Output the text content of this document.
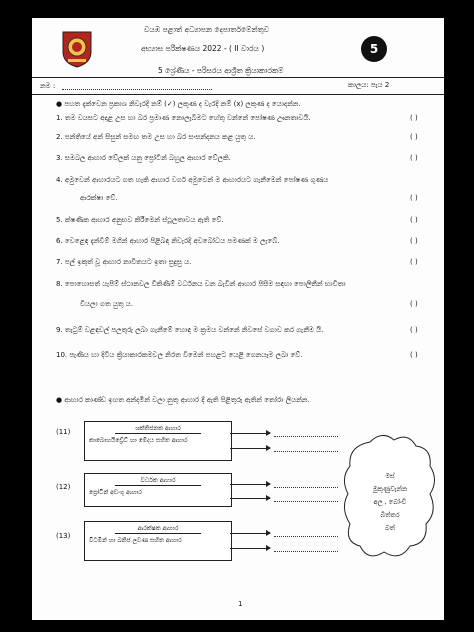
වයඹ පළාත් අධ්‍යාපන දෙපාර්තමේන්තුව
අභ්‍යාස පරීක්ෂණය 2022 - ( II වාරය )	5
5 ශ්‍රේණිය - පරිසරය ආශ්‍රිත ක්‍රියාකාරකම්
නම :	කාලය: පැය 2
● පහත දැක්වෙන ප්‍රකාශ නිවැරදි නම් (✓) ලකුණ ද වැරදි නම් (x) ලකුණ ද යොදන්න.
1. තම වයසට අදාළ උස හා බර ප්‍රමාණ නොලැබීමට හේතු වන්නේ පෝෂණ ඌනතාවයි.	( )
2. පන්තියේ අන් සිසුන් සමඟ තම උස හා බර සංසන්දනය කළ යුතු ය.	( )
3. සමබල ආහාර වේලක් යනු ප්‍රෝටීන් බහුල ආහාර වේලකි.	( )
4. අමුවෙන් ආහාරයට ගත හැකි ආහාර වර්ග අමුවෙන් ම ආහාරයට ගැනීමෙන් පෝෂණ ගුණය
ආරක්ෂා වේ.	( )
5. ක්ෂණික ආහාර අනුභව කිරීමෙන් ස්ථූලතාවය ඇති වේ.	( )
6. වෙළෙඳ දැන්වීම් මගින් ආහාර පිළිබඳ නිවැරදි අවබෝධය පමණක් ම ලැබේ.	( )
7. පල් ඉකුත් වූ ආහාර නාවිතයට ඉතා සුදුසු ය.	( )
8. පොහොසත් යැපීම් ස්ථානවල විකිණීම් වර්ධනය වන බැවින් ආහාර පිසීම සඳහා පොලිතීන් භාවිතා
වියලා ගත යුතු ය.	( )
9. තැටුම් වළඳවල් පලතුරු ලබා ගැනීමේ හොඳ ම ක්‍රමය වන්නේ නිවසේ වගාව කර ගැනීම යි.	( )
10. පැණිය හා දිවිය ක්‍රියාකාරකමවල නිරත වීමෙන් පහළට යෙළි ගෙනයෑම ලබා වේ.	( )
● ආහාර කාණ්ඩ ඉහත අන්දමින් වලා නුතු ආහාර දී ඇති පිළිතුරු ඇතින් තෝරා ලියන්න.
(11)	ශක්තිජනක ආහාර
කාබොහයිඩ්‍රේට් හා මේදය සහිත ආහාර
(12)
වර්ධක ආහාර
ප්‍රෝටීන් අඩංගු ආහාර
(13)
ආරක්ෂක ආහාර
විටමින් හා ඛනිජ ලවණ සහිත ආහාර
මස්
මුකුණුවැන්න
අල , බෝංචි
බිත්තර
බත්
1
